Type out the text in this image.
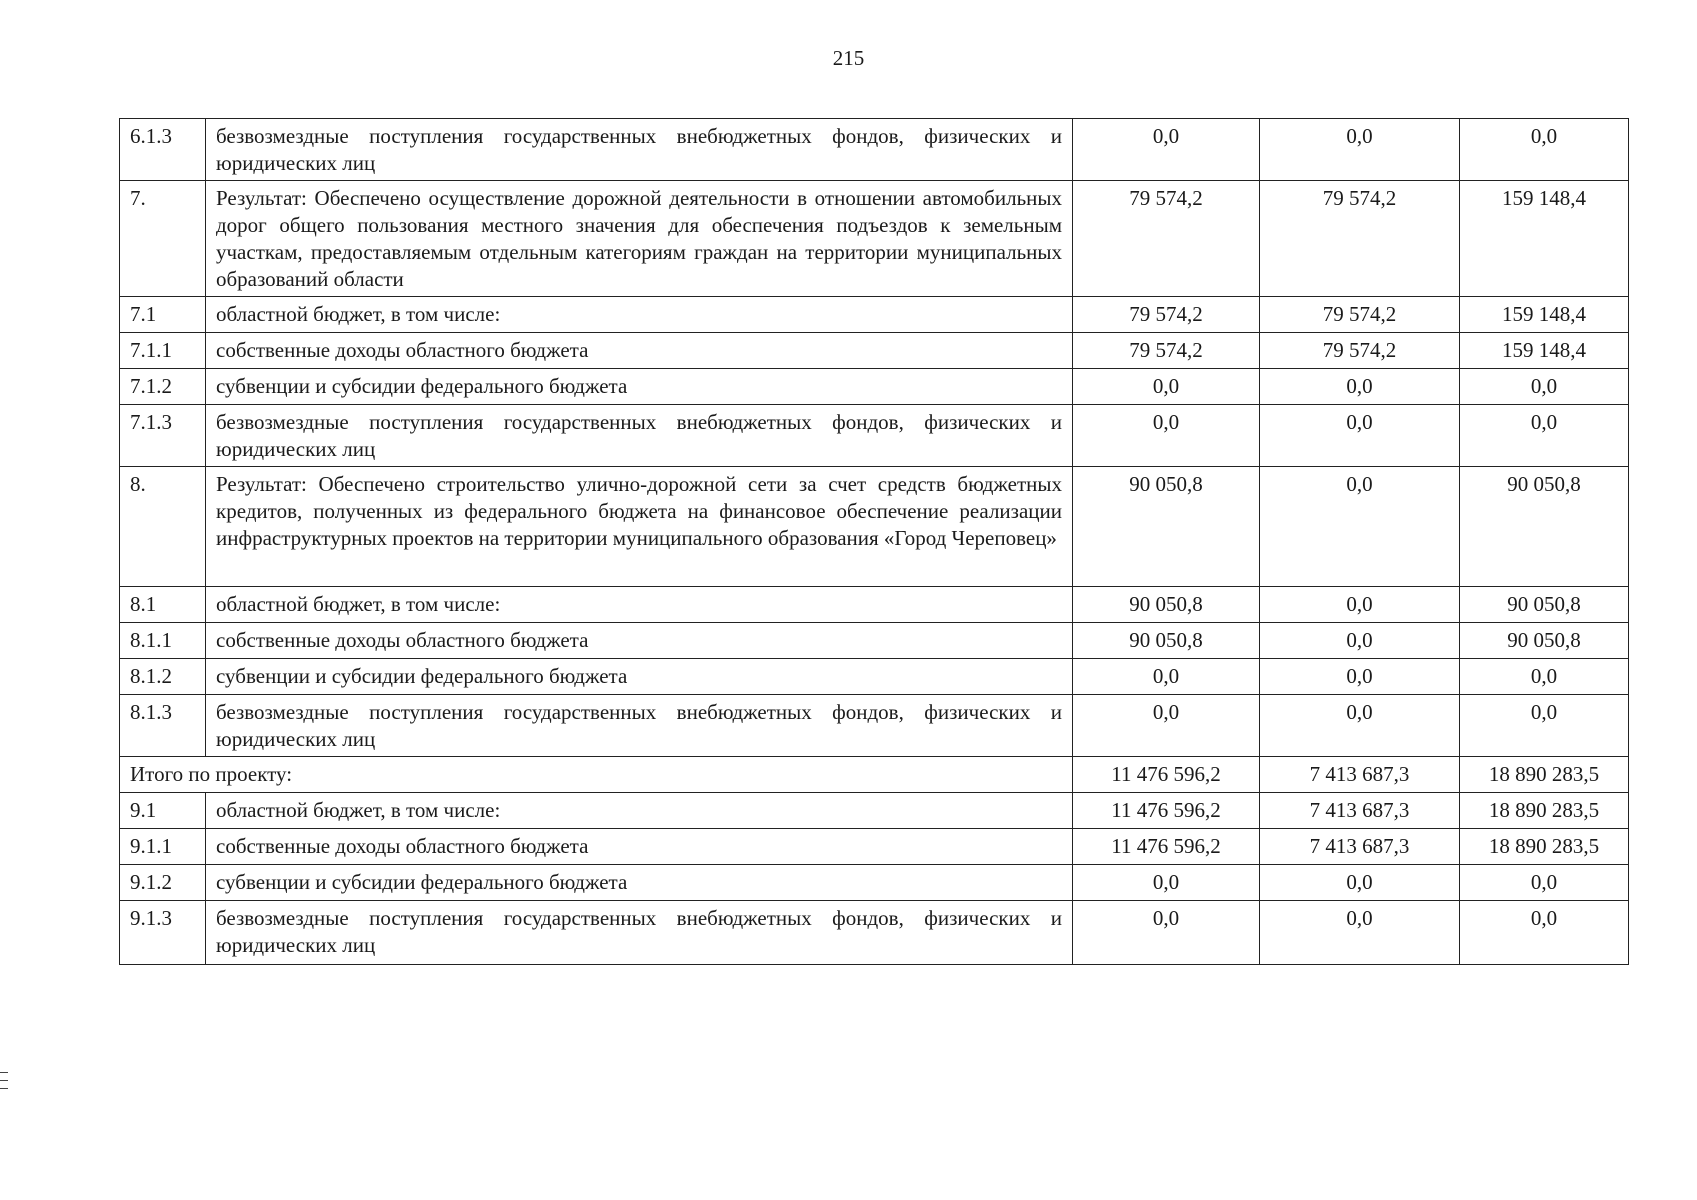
215
6.1.3	безвозмездные поступления государственных внебюджетных фондов, физических и юридических лиц	0,0	0,0	0,0
7.	Результат: Обеспечено осуществление дорожной деятельности в отношении автомобильных дорог общего пользования местного значения для обеспечения подъездов к земельным участкам, предоставляемым отдельным категориям граждан на территории муниципальных образований области	79 574,2	79 574,2	159 148,4
7.1	областной бюджет, в том числе:	79 574,2	79 574,2	159 148,4
7.1.1	собственные доходы областного бюджета	79 574,2	79 574,2	159 148,4
7.1.2	субвенции и субсидии федерального бюджета	0,0	0,0	0,0
7.1.3	безвозмездные поступления государственных внебюджетных фондов, физических и юридических лиц	0,0	0,0	0,0
8.	Результат: Обеспечено строительство улично-дорожной сети за счет средств бюджетных кредитов, полученных из федерального бюджета на финансовое обеспечение реализации инфраструктурных проектов на территории муниципального образования «Город Череповец»	90 050,8	0,0	90 050,8
8.1	областной бюджет, в том числе:	90 050,8	0,0	90 050,8
8.1.1	собственные доходы областного бюджета	90 050,8	0,0	90 050,8
8.1.2	субвенции и субсидии федерального бюджета	0,0	0,0	0,0
8.1.3	безвозмездные поступления государственных внебюджетных фондов, физических и юридических лиц	0,0	0,0	0,0
Итого по проекту:		11 476 596,2	7 413 687,3	18 890 283,5
9.1	областной бюджет, в том числе:	11 476 596,2	7 413 687,3	18 890 283,5
9.1.1	собственные доходы областного бюджета	11 476 596,2	7 413 687,3	18 890 283,5
9.1.2	субвенции и субсидии федерального бюджета	0,0	0,0	0,0
9.1.3	безвозмездные поступления государственных внебюджетных фондов, физических и юридических лиц	0,0	0,0	0,0
